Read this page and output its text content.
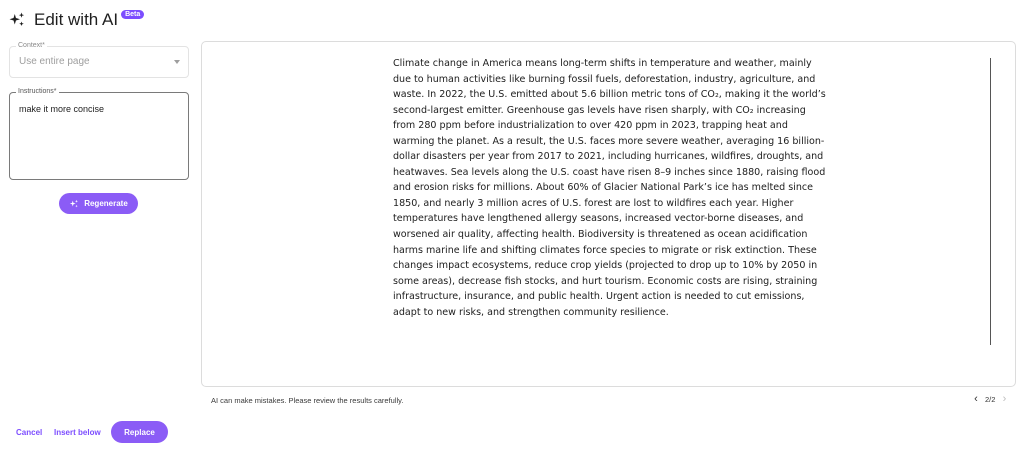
Edit with AI	Beta
Context*
Use entire page
Instructions*
make it more concise
Regenerate

Climate change in America means long-term shifts in temperature and weather, mainly due to human activities like burning fossil fuels, deforestation, industry, agriculture, and waste. In 2022, the U.S. emitted about 5.6 billion metric tons of CO₂, making it the world’s second-largest emitter. Greenhouse gas levels have risen sharply, with CO₂ increasing from 280 ppm before industrialization to over 420 ppm in 2023, trapping heat and warming the planet. As a result, the U.S. faces more severe weather, averaging 16 billion-dollar disasters per year from 2017 to 2021, including hurricanes, wildfires, droughts, and heatwaves. Sea levels along the U.S. coast have risen 8–9 inches since 1880, raising flood and erosion risks for millions. About 60% of Glacier National Park’s ice has melted since 1850, and nearly 3 million acres of U.S. forest are lost to wildfires each year. Higher temperatures have lengthened allergy seasons, increased vector-borne diseases, and worsened air quality, affecting health. Biodiversity is threatened as ocean acidification harms marine life and shifting climates force species to migrate or risk extinction. These changes impact ecosystems, reduce crop yields (projected to drop up to 10% by 2050 in some areas), decrease fish stocks, and hurt tourism. Economic costs are rising, straining infrastructure, insurance, and public health. Urgent action is needed to cut emissions, adapt to new risks, and strengthen community resilience.

AI can make mistakes. Please review the results carefully.	‹ 2/2 ›
Cancel Insert below	Replace
